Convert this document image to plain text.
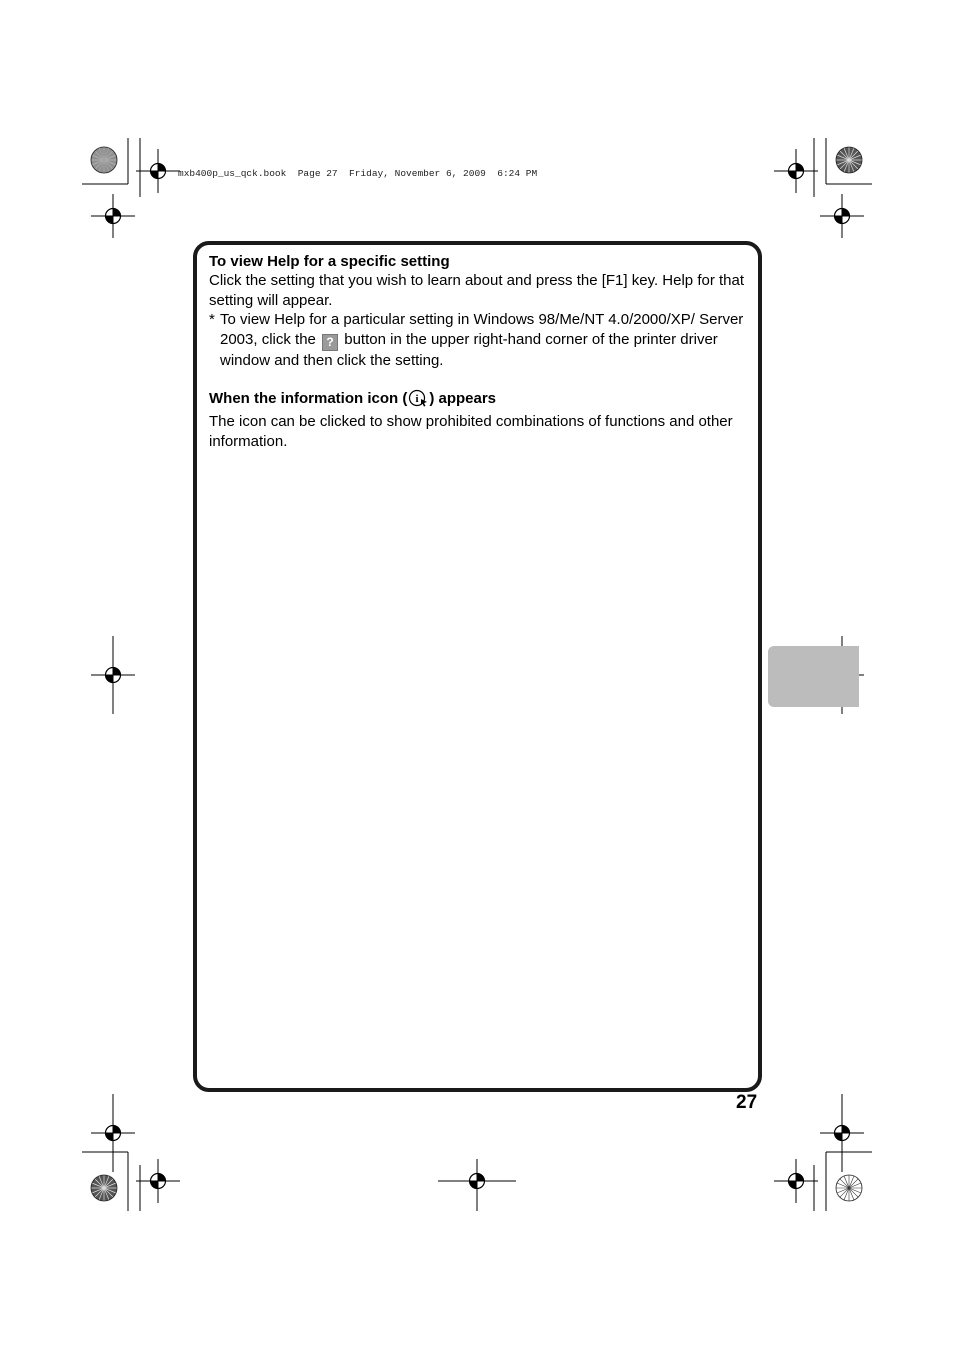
mxb400p_us_qck.book  Page 27  Friday, November 6, 2009  6:24 PM
To view Help for a specific setting

Click the setting that you wish to learn about and press the [F1] key. Help for that setting will appear.

* To view Help for a particular setting in Windows 98/Me/NT 4.0/2000/XP/ Server 2003, click the ? button in the upper right-hand corner of the printer driver window and then click the setting.

When the information icon ( i ) appears

The icon can be clicked to show prohibited combinations of functions and other information.

27
